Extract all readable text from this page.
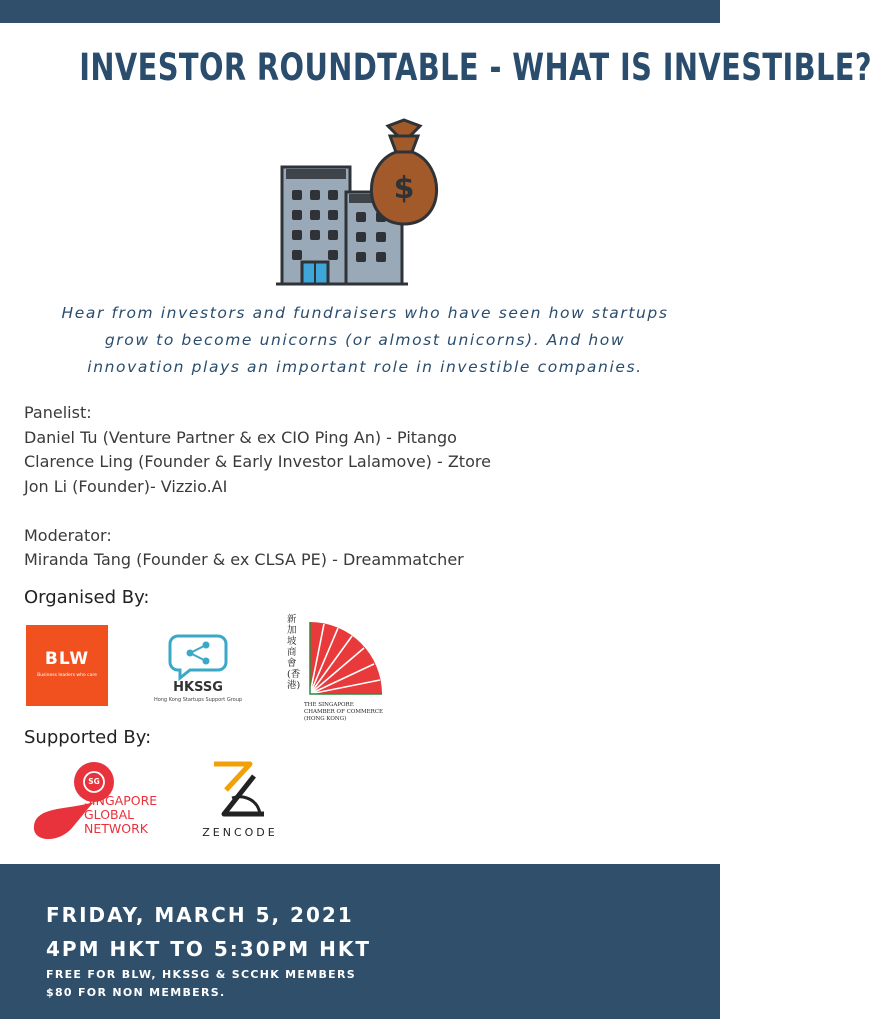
INVESTOR ROUNDTABLE - WHAT IS INVESTIBLE?
$
Hear from investors and fundraisers who have seen how startups
grow to become unicorns (or almost unicorns). And how
innovation plays an important role in investible companies.
Panelist:
Daniel Tu (Venture Partner & ex CIO Ping An) - Pitango
Clarence Ling (Founder & Early Investor Lalamove) - Ztore
Jon Li (Founder)- Vizzio.AI
Moderator:
Miranda Tang (Founder & ex CLSA PE) - Dreammatcher
Organised By:
BLW
Business leaders who care
HKSSG
Hong Kong Startups Support Group
新加坡商會(香港)
THE SINGAPORE
CHAMBER OF COMMERCE
(HONG KONG)
Supported By:
SG
SINGAPORE
GLOBAL
NETWORK	ZENCODE
FRIDAY, MARCH 5, 2021
4PM HKT TO 5:30PM HKT
FREE FOR BLW, HKSSG & SCCHK MEMBERS
$80 FOR NON MEMBERS.
